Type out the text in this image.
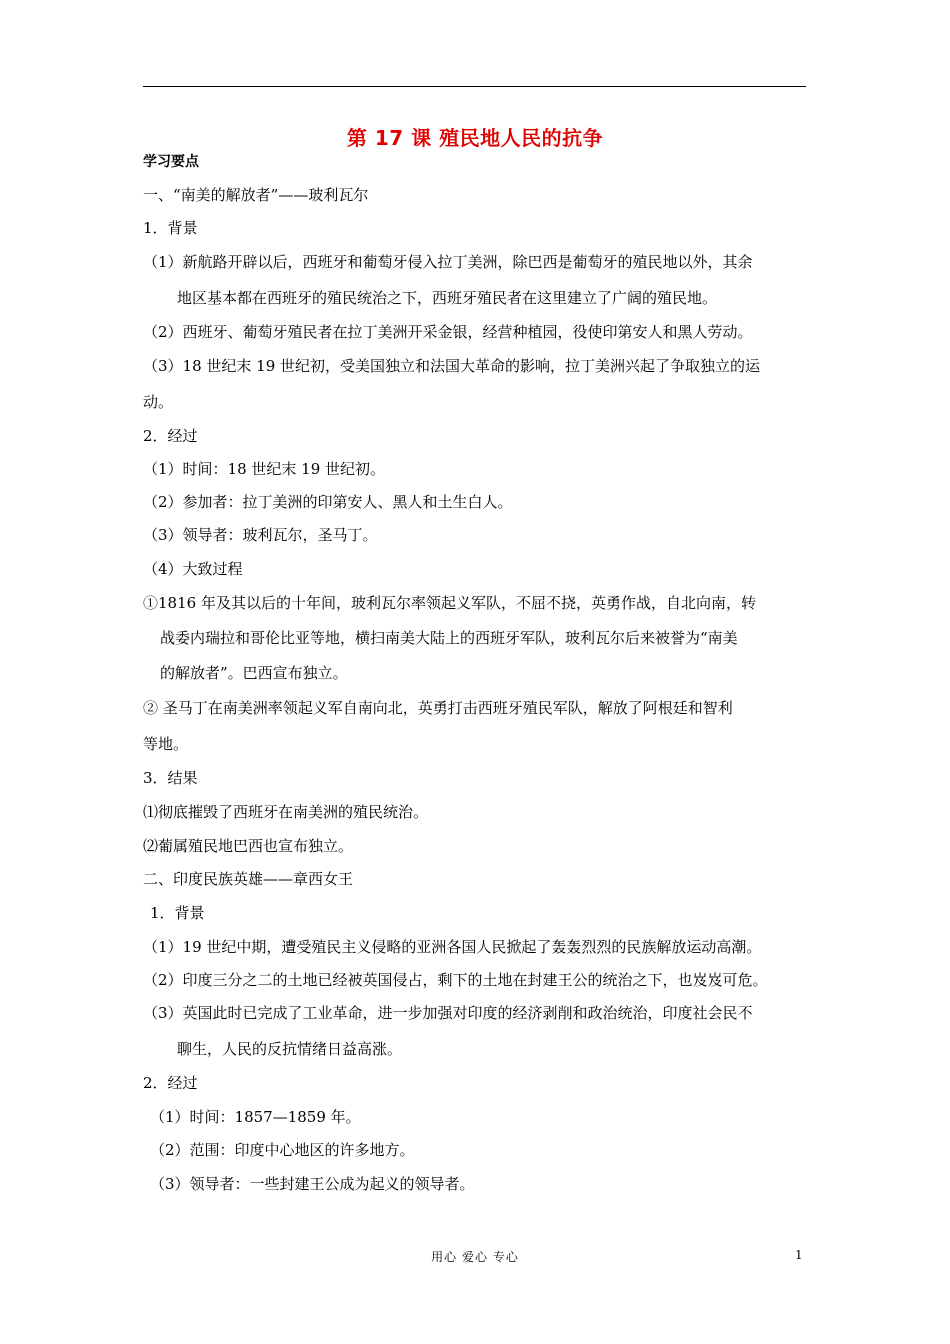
第 17 课 殖民地人民的抗争
学习要点
一、“南美的解放者”——玻利瓦尔
1．背景
（1）新航路开辟以后，西班牙和葡萄牙侵入拉丁美洲，除巴西是葡萄牙的殖民地以外，其余
地区基本都在西班牙的殖民统治之下，西班牙殖民者在这里建立了广阔的殖民地。
（2）西班牙、葡萄牙殖民者在拉丁美洲开采金银，经营种植园，役使印第安人和黑人劳动。
（3）18 世纪末 19 世纪初，受美国独立和法国大革命的影响，拉丁美洲兴起了争取独立的运
动。
2．经过
（1）时间：18 世纪末 19 世纪初。
（2）参加者：拉丁美洲的印第安人、黑人和土生白人。
（3）领导者：玻利瓦尔，圣马丁。
（4）大致过程
①1816 年及其以后的十年间，玻利瓦尔率领起义军队，不屈不挠，英勇作战，自北向南，转
战委内瑞拉和哥伦比亚等地，横扫南美大陆上的西班牙军队，玻利瓦尔后来被誉为“南美
的解放者”。巴西宣布独立。
② 圣马丁在南美洲率领起义军自南向北，英勇打击西班牙殖民军队，解放了阿根廷和智利
等地。
3．结果
⑴彻底摧毁了西班牙在南美洲的殖民统治。
⑵葡属殖民地巴西也宣布独立。
二、印度民族英雄——章西女王
1．背景
（1）19 世纪中期，遭受殖民主义侵略的亚洲各国人民掀起了轰轰烈烈的民族解放运动高潮。
（2）印度三分之二的土地已经被英国侵占，剩下的土地在封建王公的统治之下，也岌岌可危。
（3）英国此时已完成了工业革命，进一步加强对印度的经济剥削和政治统治，印度社会民不
聊生，人民的反抗情绪日益高涨。
2．经过
（1）时间：1857—1859 年。
（2）范围：印度中心地区的许多地方。
（3）领导者：一些封建王公成为起义的领导者。
用心 爱心 专心	1
